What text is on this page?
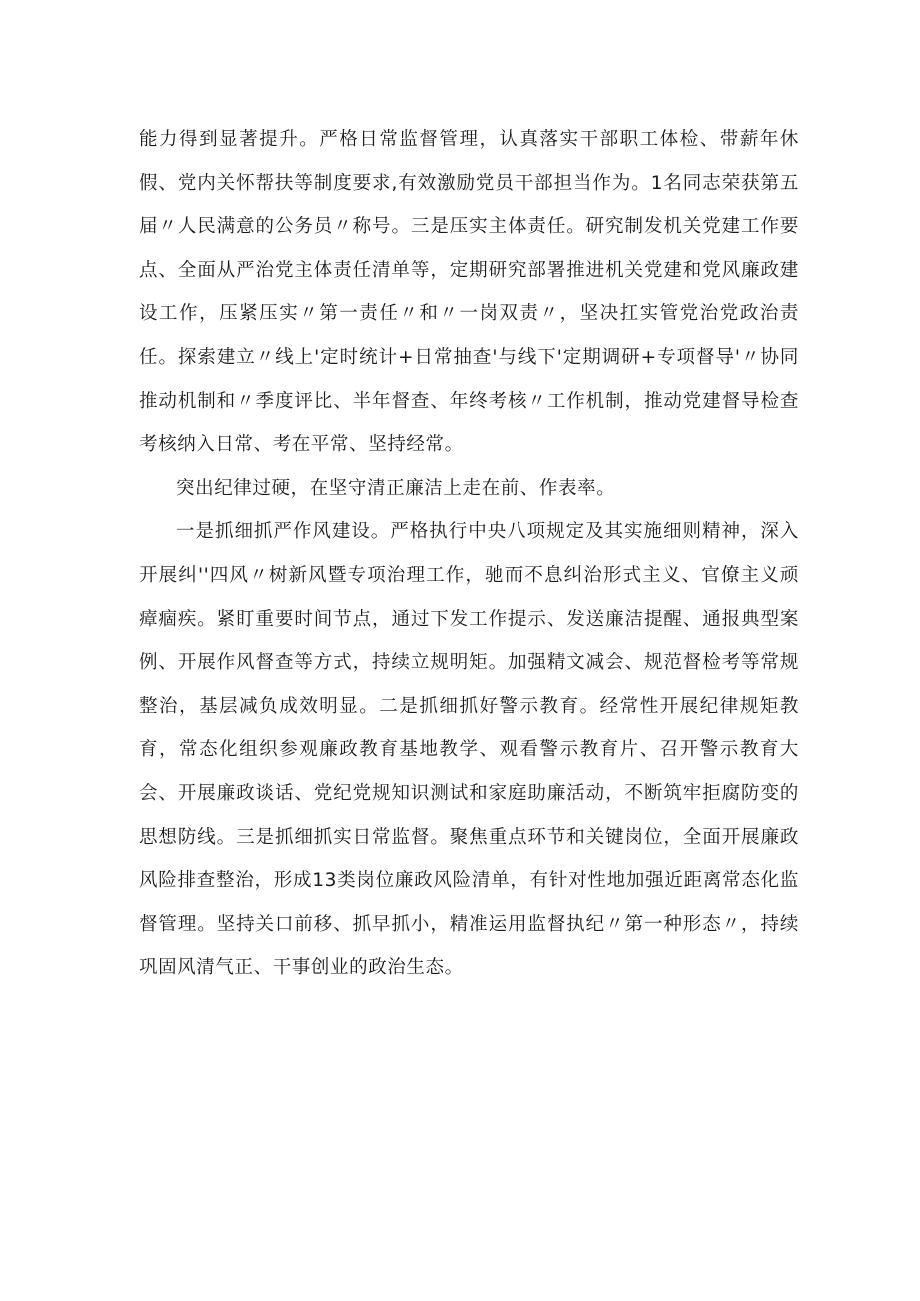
能力得到显著提升。严格日常监督管理，认真落实干部职工体检、带薪年休假、党内关怀帮扶等制度要求,有效激励党员干部担当作为。1名同志荣获第五届〃人民满意的公务员〃称号。三是压实主体责任。研究制发机关党建工作要点、全面从严治党主体责任清单等，定期研究部署推进机关党建和党风廉政建设工作，压紧压实〃第一责任〃和〃一岗双责〃，坚决扛实管党治党政治责任。探索建立〃线上'定时统计+日常抽查'与线下'定期调研+专项督导'〃协同推动机制和〃季度评比、半年督查、年终考核〃工作机制，推动党建督导检查考核纳入日常、考在平常、坚持经常。

突出纪律过硬，在坚守清正廉洁上走在前、作表率。

一是抓细抓严作风建设。严格执行中央八项规定及其实施细则精神，深入开展纠''四风〃树新风暨专项治理工作，驰而不息纠治形式主义、官僚主义顽瘴痼疾。紧盯重要时间节点，通过下发工作提示、发送廉洁提醒、通报典型案例、开展作风督查等方式，持续立规明矩。加强精文减会、规范督检考等常规整治，基层减负成效明显。二是抓细抓好警示教育。经常性开展纪律规矩教育，常态化组织参观廉政教育基地教学、观看警示教育片、召开警示教育大会、开展廉政谈话、党纪党规知识测试和家庭助廉活动，不断筑牢拒腐防变的思想防线。三是抓细抓实日常监督。聚焦重点环节和关键岗位，全面开展廉政风险排查整治，形成13类岗位廉政风险清单，有针对性地加强近距离常态化监督管理。坚持关口前移、抓早抓小，精准运用监督执纪〃第一种形态〃，持续巩固风清气正、干事创业的政治生态。
